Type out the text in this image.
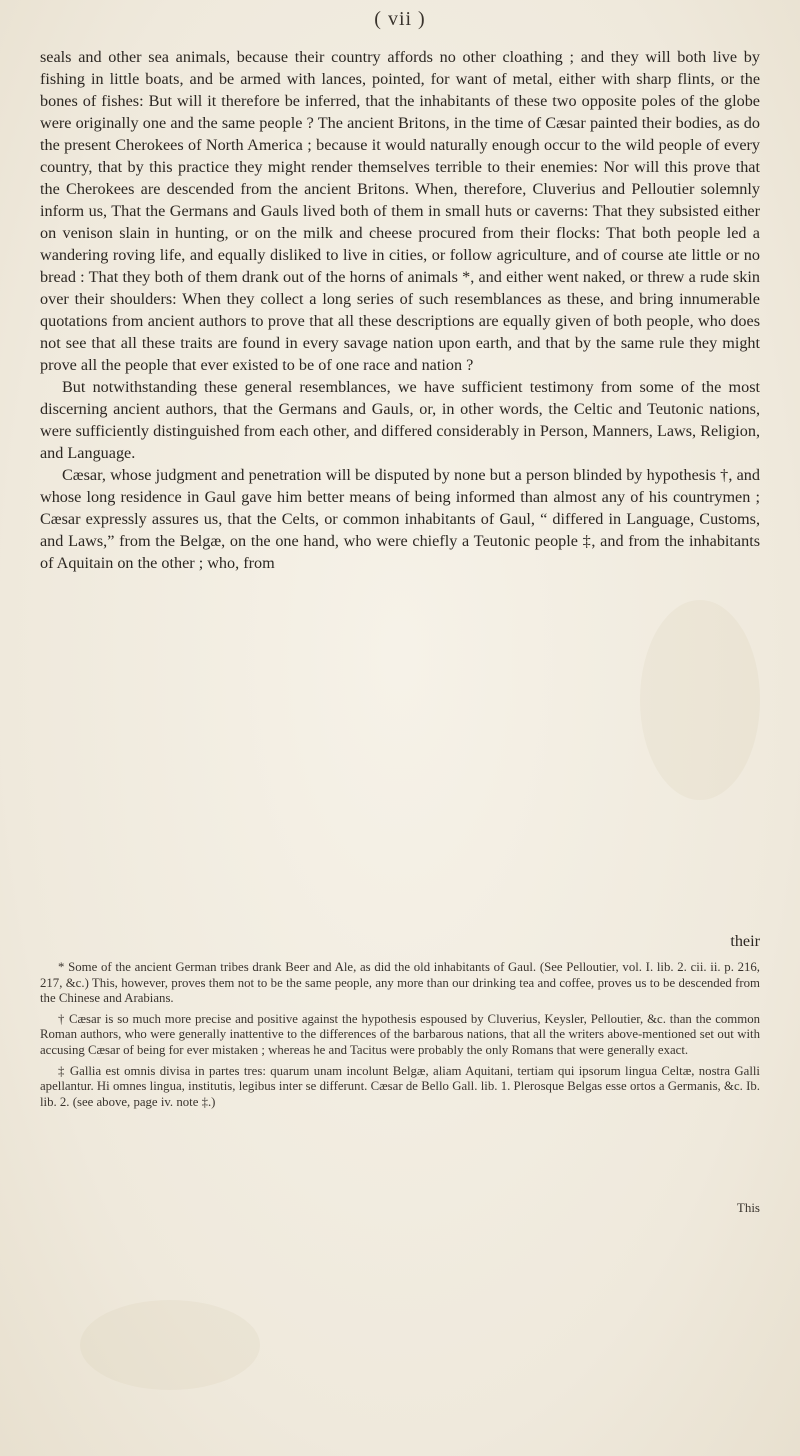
( vii )

seals and other sea animals, because their country affords no other cloathing ; and they will both live by fishing in little boats, and be armed with lances, pointed, for want of metal, either with sharp flints, or the bones of fishes: But will it therefore be inferred, that the inhabitants of these two opposite poles of the globe were originally one and the same people ? The ancient Britons, in the time of Cæsar painted their bodies, as do the present Cherokees of North America ; because it would naturally enough occur to the wild people of every country, that by this practice they might render themselves terrible to their enemies: Nor will this prove that the Cherokees are descended from the ancient Britons. When, therefore, Cluverius and Pelloutier solemnly inform us, That the Germans and Gauls lived both of them in small huts or caverns: That they subsisted either on venison slain in hunting, or on the milk and cheese procured from their flocks: That both people led a wandering roving life, and equally disliked to live in cities, or follow agriculture, and of course ate little or no bread : That they both of them drank out of the horns of animals *, and either went naked, or threw a rude skin over their shoulders: When they collect a long series of such resemblances as these, and bring innumerable quotations from ancient authors to prove that all these descriptions are equally given of both people, who does not see that all these traits are found in every savage nation upon earth, and that by the same rule they might prove all the people that ever existed to be of one race and nation ?

But notwithstanding these general resemblances, we have sufficient testimony from some of the most discerning ancient authors, that the Germans and Gauls, or, in other words, the Celtic and Teutonic nations, were sufficiently distinguished from each other, and differed considerably in Person, Manners, Laws, Religion, and Language.

Cæsar, whose judgment and penetration will be disputed by none but a person blinded by hypothesis †, and whose long residence in Gaul gave him better means of being informed than almost any of his countrymen ; Cæsar expressly assures us, that the Celts, or common inhabitants of Gaul, “ differed in Language, Customs, and Laws,” from the Belgæ, on the one hand, who were chiefly a Teutonic people ‡, and from the inhabitants of Aquitain on the other ; who, from

their

* Some of the ancient German tribes drank Beer and Ale, as did the old inhabitants of Gaul. (See Pelloutier, vol. I. lib. 2. cii. ii. p. 216, 217, &c.) This, however, proves them not to be the same people, any more than our drinking tea and coffee, proves us to be descended from the Chinese and Arabians.

† Cæsar is so much more precise and positive against the hypothesis espoused by Cluverius, Keysler, Pelloutier, &c. than the common Roman authors, who were generally inattentive to the differences of the barbarous nations, that all the writers above-mentioned set out with accusing Cæsar of being for ever mistaken ; whereas he and Tacitus were probably the only Romans that were generally exact.

‡ Gallia est omnis divisa in partes tres: quarum unam incolunt Belgæ, aliam Aquitani, tertiam qui ipsorum lingua Celtæ, nostra Galli apellantur. Hi omnes lingua, institutis, legibus inter se differunt. Cæsar de Bello Gall. lib. 1. Plerosque Belgas esse ortos a Germanis, &c. Ib. lib. 2. (see above, page iv. note ‡.)

This
